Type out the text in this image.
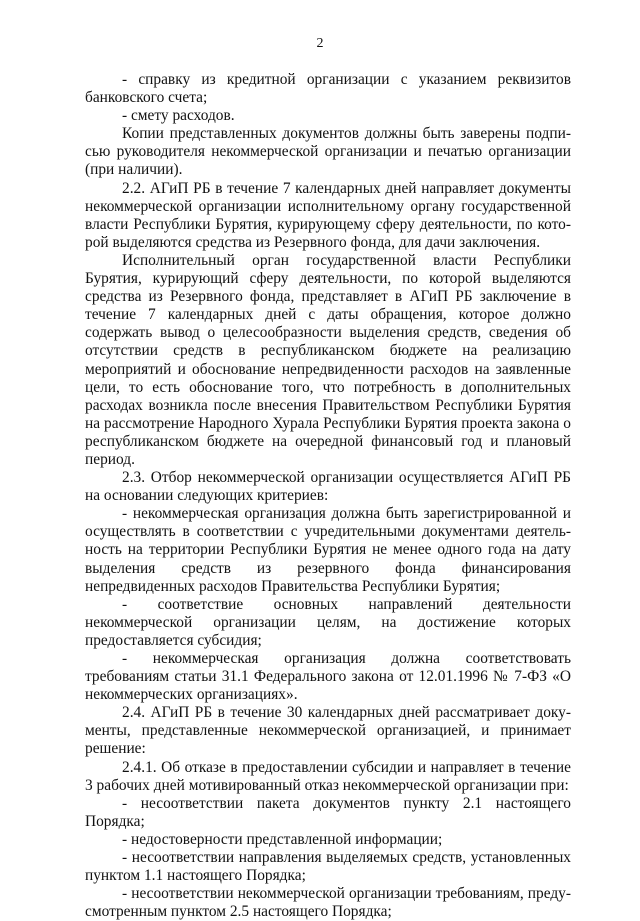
2

- справку из кредитной организации с указанием реквизитов банковского счета;

- смету расходов.

Копии представленных документов должны быть заверены подписью руководителя некоммерческой организации и печатью организации (при наличии).

2.2. АГиП РБ в течение 7 календарных дней направляет документы некоммерческой организации исполнительному органу государственной власти Республики Бурятия, курирующему сферу деятельности, по которой выделяются средства из Резервного фонда, для дачи заключения.

Исполнительный орган государственной власти Республики Бурятия, курирующий сферу деятельности, по которой выделяются средства из Резервного фонда, представляет в АГиП РБ заключение в течение 7 календарных дней с даты обращения, которое должно содержать вывод о целесообразности выделения средств, сведения об отсутствии средств в республиканском бюджете на реализацию мероприятий и обоснование непредвиденности расходов на заявленные цели, то есть обоснование того, что потребность в дополнительных расходах возникла после внесения Правительством Республики Бурятия на рассмотрение Народного Хурала Республики Бурятия проекта закона о республиканском бюджете на очередной финансовый год и плановый период.

2.3. Отбор некоммерческой организации осуществляется АГиП РБ на основании следующих критериев:

- некоммерческая организация должна быть зарегистрированной и осуществлять в соответствии с учредительными документами деятельность на территории Республики Бурятия не менее одного года на дату выделения средств из резервного фонда финансирования непредвиденных расходов Правительства Республики Бурятия;

- соответствие основных направлений деятельности некоммерческой организации целям, на достижение которых предоставляется субсидия;

- некоммерческая организация должна соответствовать требованиям статьи 31.1 Федерального закона от 12.01.1996 № 7-ФЗ «О некоммерческих организациях».

2.4. АГиП РБ в течение 30 календарных дней рассматривает документы, представленные некоммерческой организацией, и принимает решение:

2.4.1. Об отказе в предоставлении субсидии и направляет в течение 3 рабочих дней мотивированный отказ некоммерческой организации при:

- несоответствии пакета документов пункту 2.1 настоящего Порядка;

- недостоверности представленной информации;

- несоответствии направления выделяемых средств, установленных пунктом 1.1 настоящего Порядка;

- несоответствии некоммерческой организации требованиям, предусмотренным пунктом 2.5 настоящего Порядка;
